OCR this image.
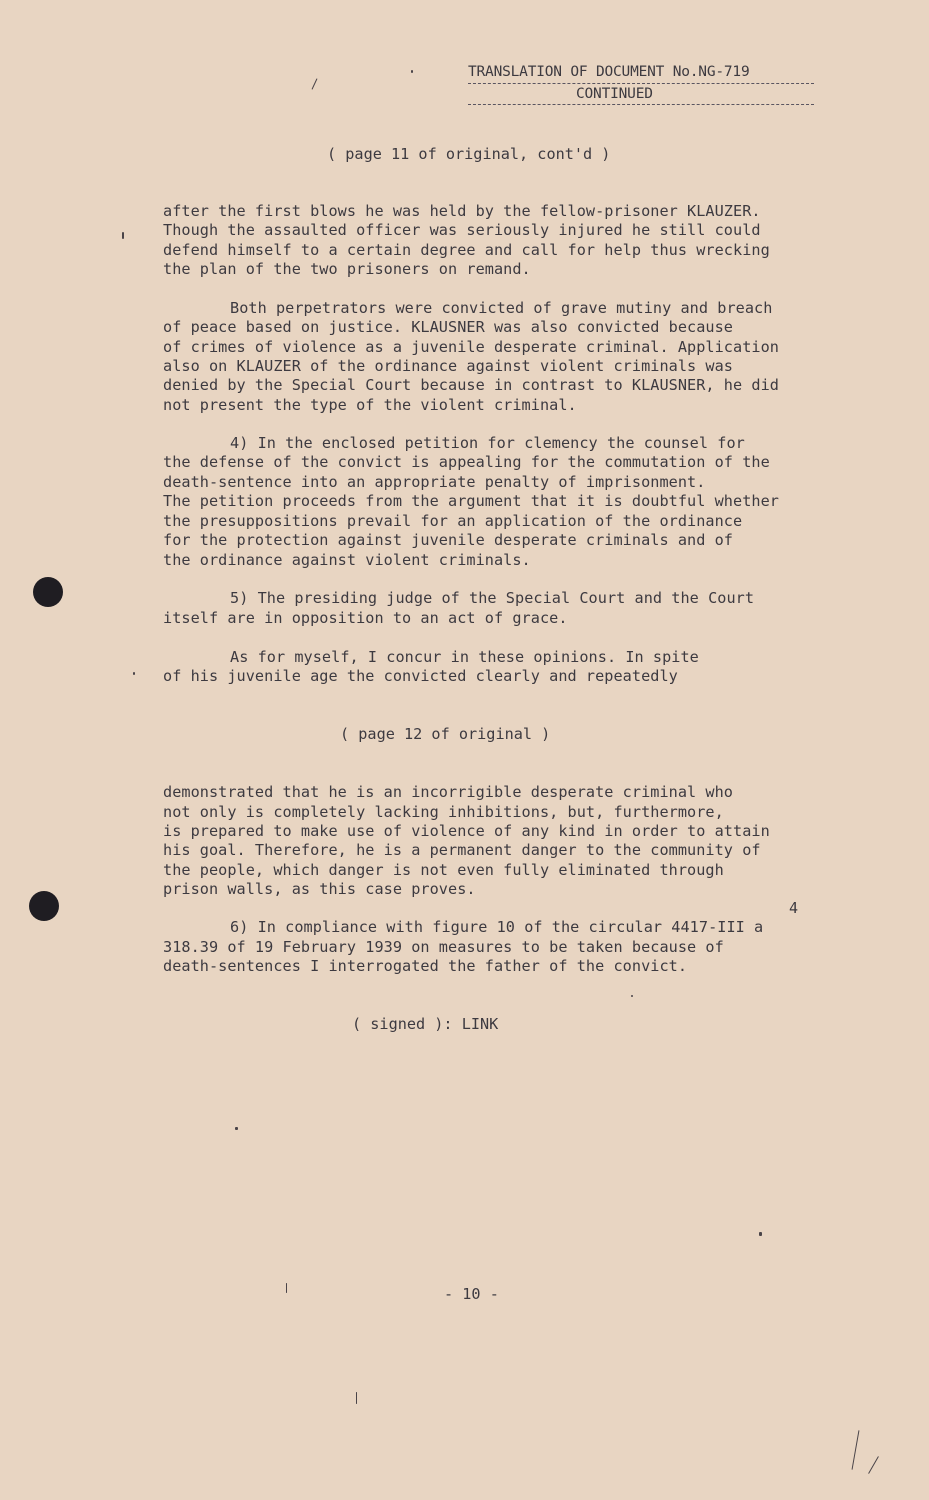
TRANSLATION OF DOCUMENT No.NG-719
CONTINUED
( page 11 of original, cont'd )
after the first blows he was held by the fellow-prisoner KLAUZER.
Though the assaulted officer was seriously injured he still could
defend himself to a certain degree and call for help thus wrecking
the plan of the two prisoners on remand.
Both perpetrators were convicted of grave mutiny and breach
of peace based on justice. KLAUSNER was also convicted because
of crimes of violence as a juvenile desperate criminal. Application
also on KLAUZER of the ordinance against violent criminals was
denied by the Special Court because in contrast to KLAUSNER, he did
not present the type of the violent criminal.
4) In the enclosed petition for clemency the counsel for
the defense of the convict is appealing for the commutation of the
death-sentence into an appropriate penalty of imprisonment.
The petition proceeds from the argument that it is doubtful whether
the presuppositions prevail for an application of the ordinance
for the protection against juvenile desperate criminals and of
the ordinance against violent criminals.
5) The presiding judge of the Special Court and the Court
itself are in opposition to an act of grace.
As for myself, I concur in these opinions. In spite
of his juvenile age the convicted clearly and repeatedly
( page 12 of original )
demonstrated that he is an incorrigible desperate criminal who
not only is completely lacking inhibitions, but, furthermore,
is prepared to make use of violence of any kind in order to attain
his goal. Therefore, he is a permanent danger to the community of
the people, which danger is not even fully eliminated through
prison walls, as this case proves.
4
6) In compliance with figure 10 of the circular 4417-III a
318.39 of 19 February 1939 on measures to be taken because of
death-sentences I interrogated the father of the convict.
( signed ): LINK
- 10 -
